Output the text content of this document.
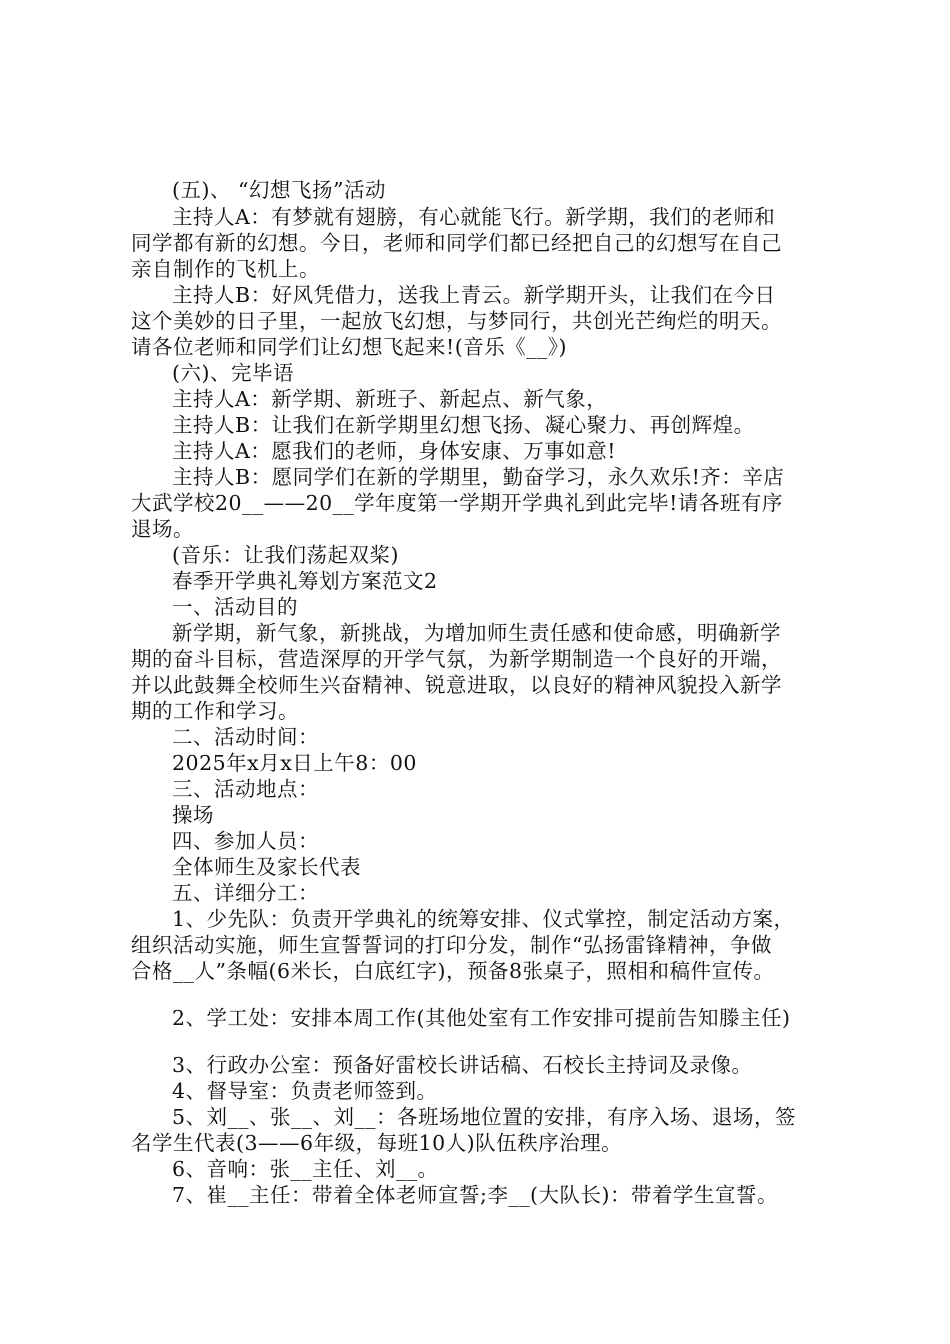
(五)、 “幻想飞扬”活动
主持人A：有梦就有翅膀，有心就能飞行。新学期，我们的老师和
同学都有新的幻想。今日，老师和同学们都已经把自己的幻想写在自己
亲自制作的飞机上。
主持人B：好风凭借力，送我上青云。新学期开头，让我们在今日
这个美妙的日子里，一起放飞幻想，与梦同行，共创光芒绚烂的明天。
请各位老师和同学们让幻想飞起来!(音乐《__》)
(六)、完毕语
主持人A：新学期、新班子、新起点、新气象，
主持人B：让我们在新学期里幻想飞扬、凝心聚力、再创辉煌。
主持人A：愿我们的老师，身体安康、万事如意!
主持人B：愿同学们在新的学期里，勤奋学习，永久欢乐!齐：辛店
大武学校20__——20__学年度第一学期开学典礼到此完毕!请各班有序
退场。
(音乐：让我们荡起双桨)
春季开学典礼筹划方案范文2
一、活动目的
新学期，新气象，新挑战，为增加师生责任感和使命感，明确新学
期的奋斗目标，营造深厚的开学气氛，为新学期制造一个良好的开端，
并以此鼓舞全校师生兴奋精神、锐意进取，以良好的精神风貌投入新学
期的工作和学习。
二、活动时间：
2025年x月x日上午8：00
三、活动地点：
操场
四、参加人员：
全体师生及家长代表
五、详细分工：
1、少先队：负责开学典礼的统筹安排、仪式掌控，制定活动方案，
组织活动实施，师生宣誓誓词的打印分发，制作“弘扬雷锋精神，争做
合格__人”条幅(6米长，白底红字)，预备8张桌子，照相和稿件宣传。
2、学工处：安排本周工作(其他处室有工作安排可提前告知滕主任)
3、行政办公室：预备好雷校长讲话稿、石校长主持词及录像。
4、督导室：负责老师签到。
5、刘__、张__、刘__：各班场地位置的安排，有序入场、退场，签
名学生代表(3——6年级，每班10人)队伍秩序治理。
6、音响：张__主任、刘__。
7、崔__主任：带着全体老师宣誓;李__(大队长)：带着学生宣誓。
